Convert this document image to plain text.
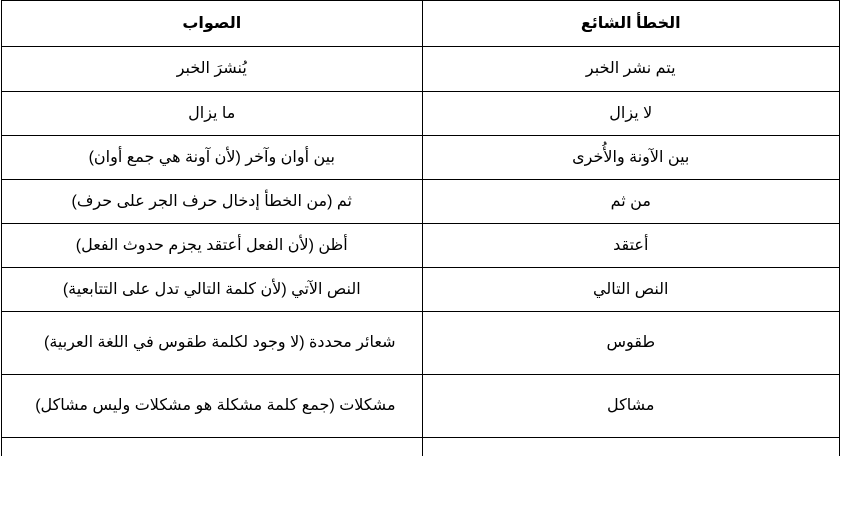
الخطأ الشائع	الصواب
يتم نشر الخبر	يُنشرَ الخبر
لا يزال	ما يزال
بين الآونة والأُخرى	بين أوان وآخر (لأن آونة هي جمع أوان)
من ثم	ثم (من الخطأ إدخال حرف الجر على حرف)
أعتقد	أظن (لأن الفعل أعتقد يجزم حدوث الفعل)
النص التالي	النص الآتي (لأن كلمة التالي تدل على التتابعية)
طقوس	شعائر محددة (لا وجود لكلمة طقوس في اللغة العربية)
مشاكل	مشكلات (جمع كلمة مشكلة هو مشكلات وليس مشاكل)
